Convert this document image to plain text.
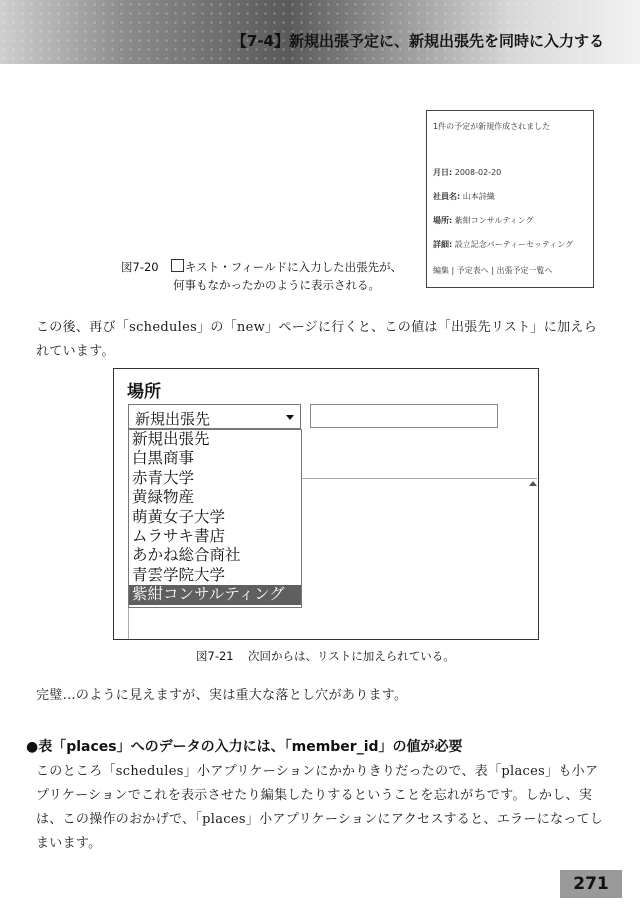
【7-4】新規出張予定に、新規出張先を同時に入力する
1件の予定が新規作成されました
月日: 2008-02-20
社員名: 山本詩織
場所: 紫紺コンサルティング
詳細: 設立記念パーティーセッティング
編集 | 予定表へ | 出張予定一覧へ
図7-20 キスト・フィールドに入力した出張先が、
何事もなかったかのように表示される。
この後、再び「schedules」の「new」ページに行くと、この値は「出張先リスト」に加えられています。
場所
新規出張先
新規出張先
白黒商事
赤青大学
黄緑物産
萌黄女子大学
ムラサキ書店
あかね総合商社
青雲学院大学
紫紺コンサルティング
図7-21 次回からは、リストに加えられている。
完璧…のように見えますが、実は重大な落とし穴があります。
●表「places」へのデータの入力には、「member_id」の値が必要
このところ「schedules」小アプリケーションにかかりきりだったので、表「places」も小アプリケーションでこれを表示させたり編集したりするということを忘れがちです。しかし、実は、この操作のおかげで、「places」小アプリケーションにアクセスすると、エラーになってしまいます。
271
